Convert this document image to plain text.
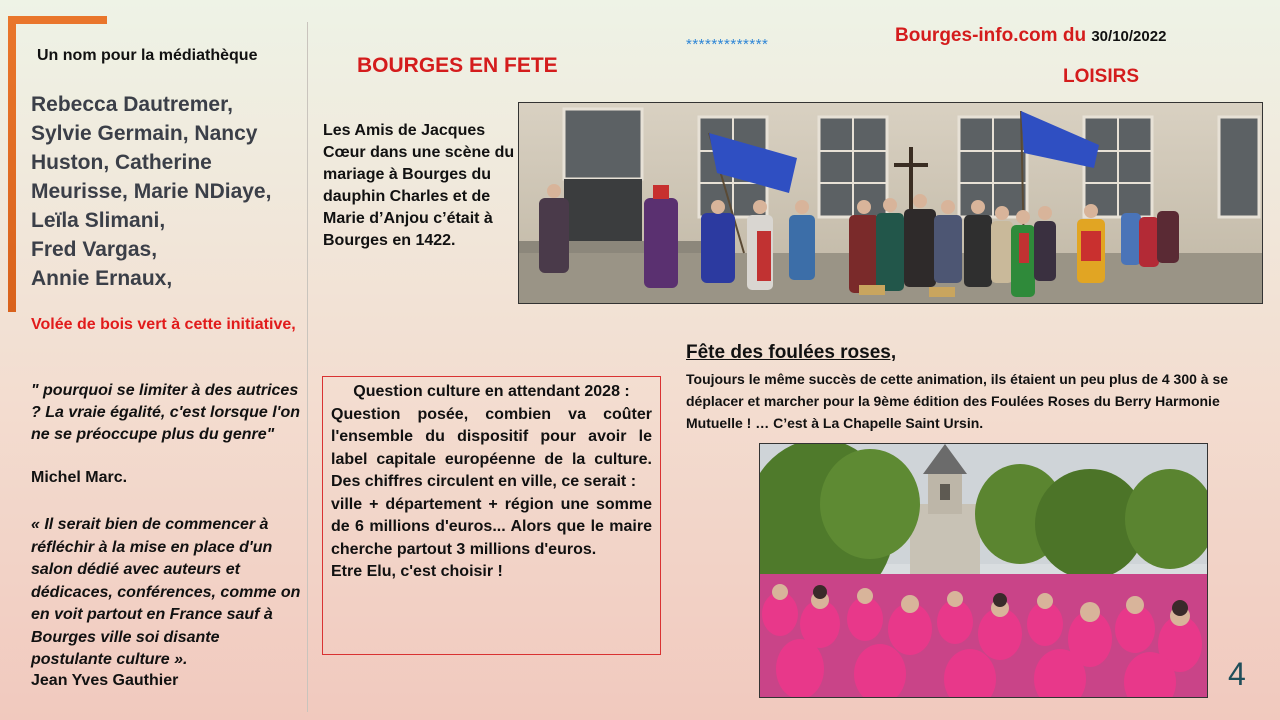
Un nom pour la médiathèque
Rebecca Dautremer,
Sylvie Germain, Nancy
Huston, Catherine
Meurisse, Marie NDiaye,
Leïla Slimani,
Fred Vargas,
Annie Ernaux,
Volée de bois vert à cette initiative,
" pourquoi se limiter à des autrices ? La vraie égalité, c'est lorsque l'on ne se préoccupe plus du genre"
Michel Marc.
« Il serait bien de commencer à réfléchir à la mise en place d'un salon dédié avec auteurs et dédicaces, conférences, comme on en voit partout en France sauf à Bourges ville soi disante postulante culture ».
Jean Yves Gauthier
BOURGES EN FETE
*************	Bourges-info.com du 30/10/2022
LOISIRS
Les Amis de Jacques Cœur dans une scène du mariage à Bourges du dauphin Charles et de Marie d’Anjou c’était à Bourges en 1422.
Question culture en attendant 2028 :
Question posée, combien va coûter l'ensemble du dispositif pour avoir le label capitale européenne de la culture. Des chiffres circulent en ville, ce serait :
ville + département + région une somme de 6 millions d'euros... Alors que le maire cherche partout 3 millions d'euros.
Etre Elu, c'est choisir !
Fête des foulées roses,
Toujours le même succès de cette animation, ils étaient un peu plus de 4 300 à se déplacer et marcher pour la 9ème édition des Foulées Roses du Berry Harmonie Mutuelle ! … C’est à La Chapelle Saint Ursin.
4
